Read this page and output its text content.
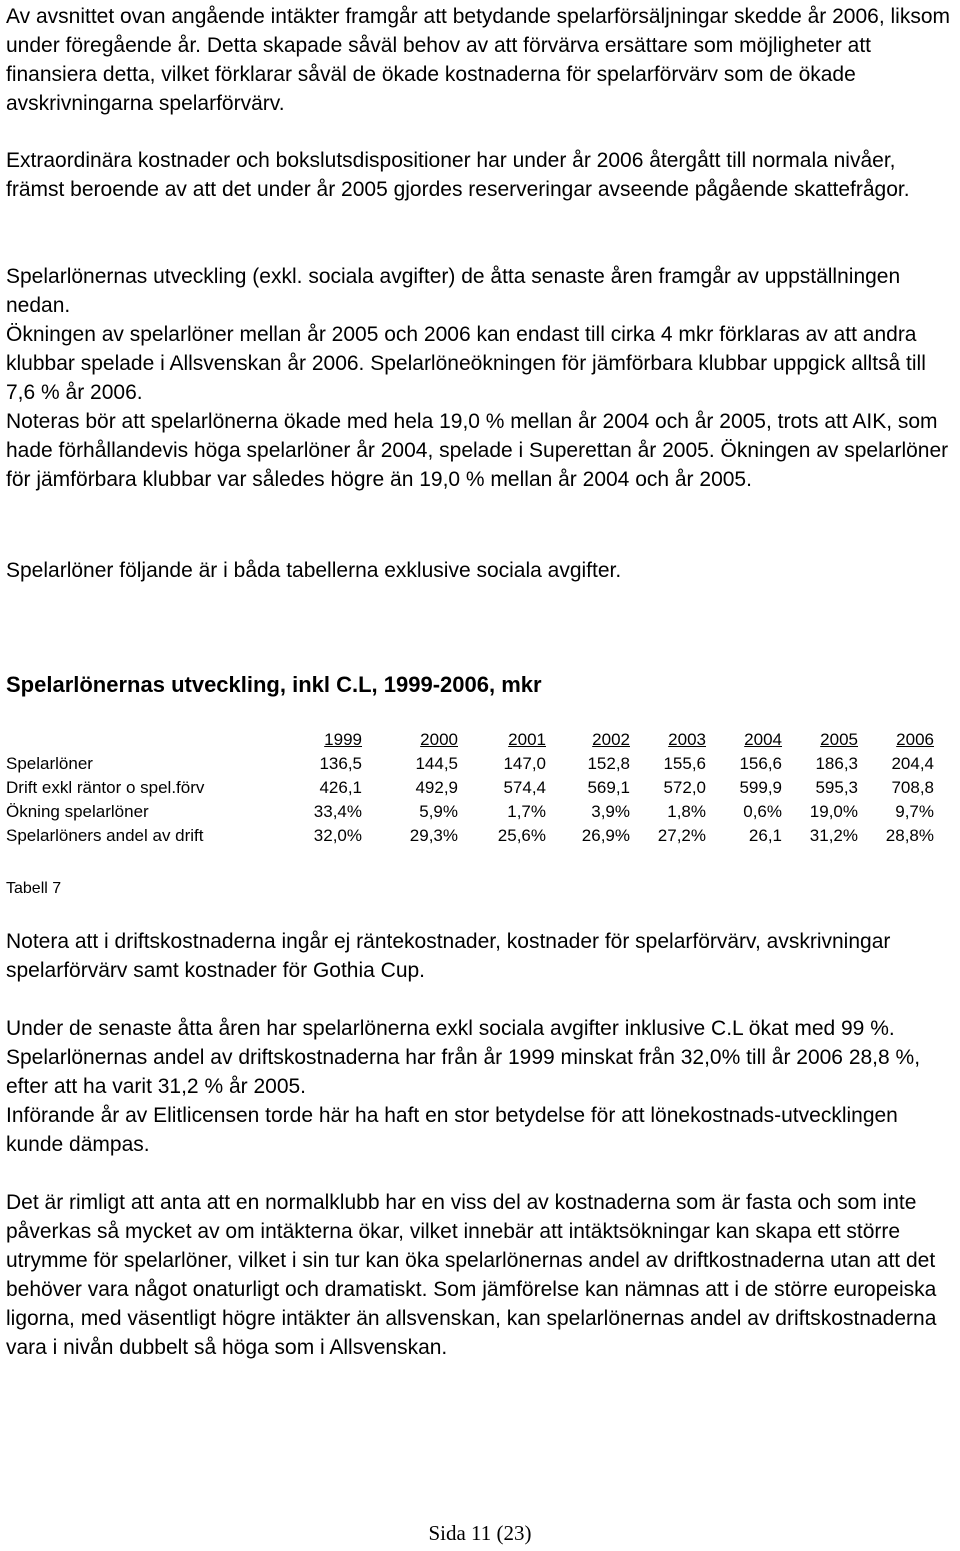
Av avsnittet ovan angående intäkter framgår att betydande spelarförsäljningar skedde år 2006, liksom under föregående år. Detta skapade såväl behov av att förvärva ersättare som möjligheter att finansiera detta, vilket förklarar såväl de ökade kostnaderna för spelarförvärv som de ökade avskrivningarna spelarförvärv.

Extraordinära kostnader och bokslutsdispositioner har under år 2006 återgått till normala nivåer, främst beroende av att det under år 2005 gjordes reserveringar avseende pågående skattefrågor.

Spelarlönernas utveckling (exkl. sociala avgifter) de åtta senaste åren framgår av uppställningen nedan.

Ökningen av spelarlöner mellan år 2005 och 2006 kan endast till cirka 4 mkr förklaras av att andra klubbar spelade i Allsvenskan år 2006. Spelarlöneökningen för jämförbara klubbar uppgick alltså till 7,6 % år 2006.

Noteras bör att spelarlönerna ökade med hela 19,0 % mellan år 2004 och år 2005, trots att AIK, som hade förhållandevis höga spelarlöner år 2004, spelade i Superettan år 2005. Ökningen av spelarlöner för jämförbara klubbar var således högre än 19,0 % mellan år 2004 och år 2005.

Spelarlöner följande är i båda tabellerna exklusive sociala avgifter.

Spelarlönernas utveckling, inkl C.L, 1999-2006, mkr
	1999	2000	2001	2002	2003	2004	2005	2006
Spelarlöner	136,5	144,5	147,0	152,8	155,6	156,6	186,3	204,4
Drift exkl räntor o spel.förv	426,1	492,9	574,4	569,1	572,0	599,9	595,3	708,8
Ökning spelarlöner	33,4%	5,9%	1,7%	3,9%	1,8%	0,6%	19,0%	9,7%
Spelarlöners andel av drift	32,0%	29,3%	25,6%	26,9%	27,2%	26,1	31,2%	28,8%

Tabell 7

Notera att i driftskostnaderna ingår ej räntekostnader, kostnader för spelarförvärv, avskrivningar spelarförvärv samt kostnader för Gothia Cup.

Under de senaste åtta åren har spelarlönerna exkl sociala avgifter inklusive C.L ökat med 99 %. Spelarlönernas andel av driftskostnaderna har från år 1999 minskat från 32,0% till år 2006 28,8 %, efter att ha varit 31,2 % år 2005.

Införande år av Elitlicensen torde här ha haft en stor betydelse för att lönekostnads-utvecklingen kunde dämpas.

Det är rimligt att anta att en normalklubb har en viss del av kostnaderna som är fasta och som inte påverkas så mycket av om intäkterna ökar, vilket innebär att intäktsökningar kan skapa ett större utrymme för spelarlöner, vilket i sin tur kan öka spelarlönernas andel av driftkostnaderna utan att det behöver vara något onaturligt och dramatiskt. Som jämförelse kan nämnas att i de större europeiska ligorna, med väsentligt högre intäkter än allsvenskan, kan spelarlönernas andel av driftskostnaderna vara i nivån dubbelt så höga som i Allsvenskan.

Sida 11 (23)
